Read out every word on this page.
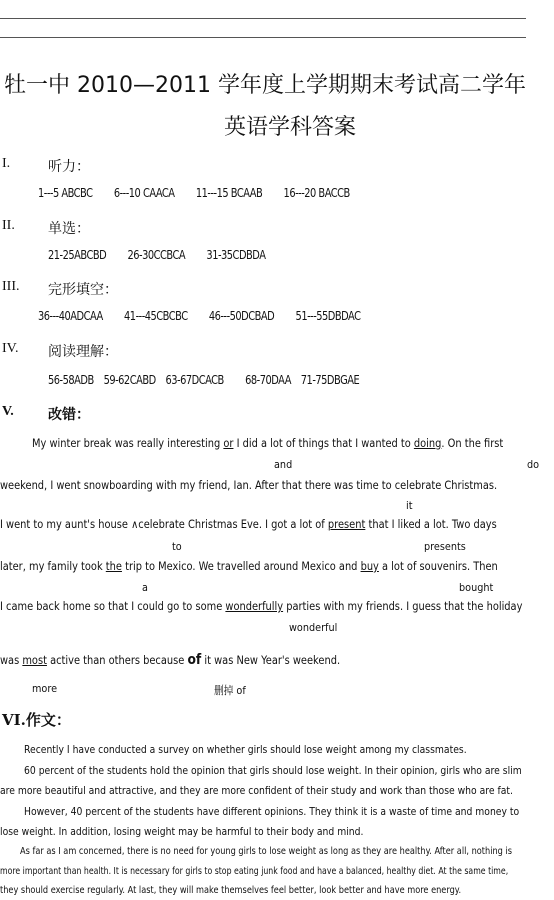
牡一中 2010—2011 学年度上学期期末考试高二学年
英语学科答案
I.	听力：
1---5 ABCBC 6---10 CAACA 11---15 BCAAB 16---20 BACCB
II. 单选：
21-25ABCBD 26-30CCBCA 31-35CDBDA
III. 完形填空：
36---40ADCAA 41---45CBCBC 46---50DCBAD 51---55DBDAC
IV. 阅读理解：
56-58ADB 59-62CABD 63-67DCACB 68-70DAA 71-75DBGAE
V. 改错：
My winter break was really interesting or I did a lot of things that I wanted to doing. On the first
and	do
weekend, I went snowboarding with my friend, Ian. After that there was time to celebrate Christmas.
it
I went to my aunt's house ∧celebrate Christmas Eve. I got a lot of present that I liked a lot. Two days
to	presents
later, my family took the trip to Mexico. We travelled around Mexico and buy a lot of souvenirs. Then
a	bought
I came back home so that I could go to some wonderfully parties with my friends. I guess that the holiday
wonderful
was most active than others because of it was New Year's weekend.
more	删掉 of
VI.作文：
Recently I have conducted a survey on whether girls should lose weight among my classmates.
60 percent of the students hold the opinion that girls should lose weight. In their opinion, girls who are slim
are more beautiful and attractive, and they are more confident of their study and work than those who are fat.
However, 40 percent of the students have different opinions. They think it is a waste of time and money to
lose weight. In addition, losing weight may be harmful to their body and mind.
As far as I am concerned, there is no need for young girls to lose weight as long as they are healthy. After all, nothing is
more important than health. It is necessary for girls to stop eating junk food and have a balanced, healthy diet. At the same time,
they should exercise regularly. At last, they will make themselves feel better, look better and have more energy.
